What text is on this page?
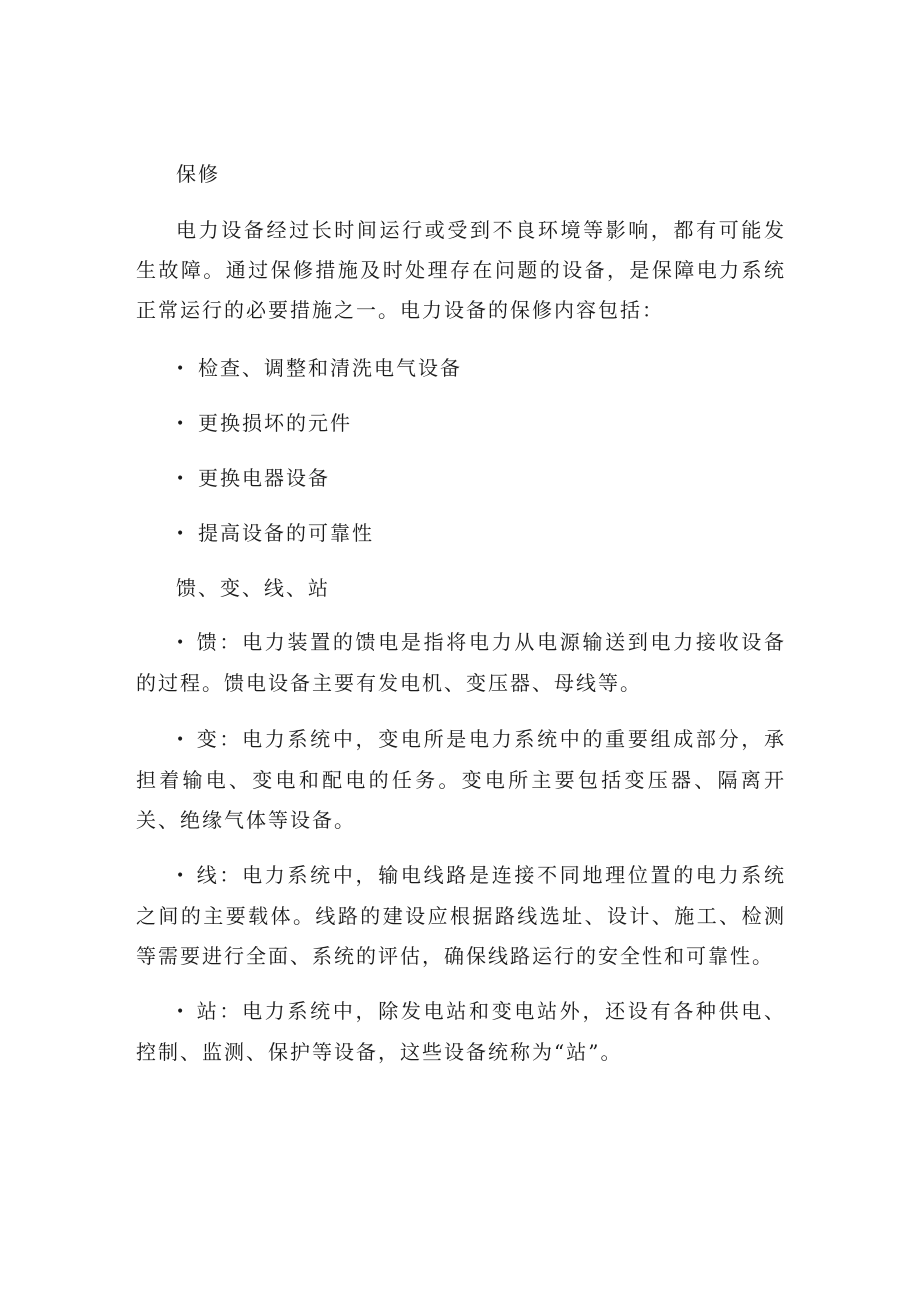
保修
电力设备经过长时间运行或受到不良环境等影响，都有可能发生故障。通过保修措施及时处理存在问题的设备，是保障电力系统正常运行的必要措施之一。电力设备的保修内容包括：
• 检查、调整和清洗电气设备
• 更换损坏的元件
• 更换电器设备
• 提高设备的可靠性
馈、变、线、站
• 馈：电力装置的馈电是指将电力从电源输送到电力接收设备的过程。馈电设备主要有发电机、变压器、母线等。
• 变：电力系统中，变电所是电力系统中的重要组成部分，承担着输电、变电和配电的任务。变电所主要包括变压器、隔离开关、绝缘气体等设备。
• 线：电力系统中，输电线路是连接不同地理位置的电力系统之间的主要载体。线路的建设应根据路线选址、设计、施工、检测等需要进行全面、系统的评估，确保线路运行的安全性和可靠性。
• 站：电力系统中，除发电站和变电站外，还设有各种供电、控制、监测、保护等设备，这些设备统称为“站”。
